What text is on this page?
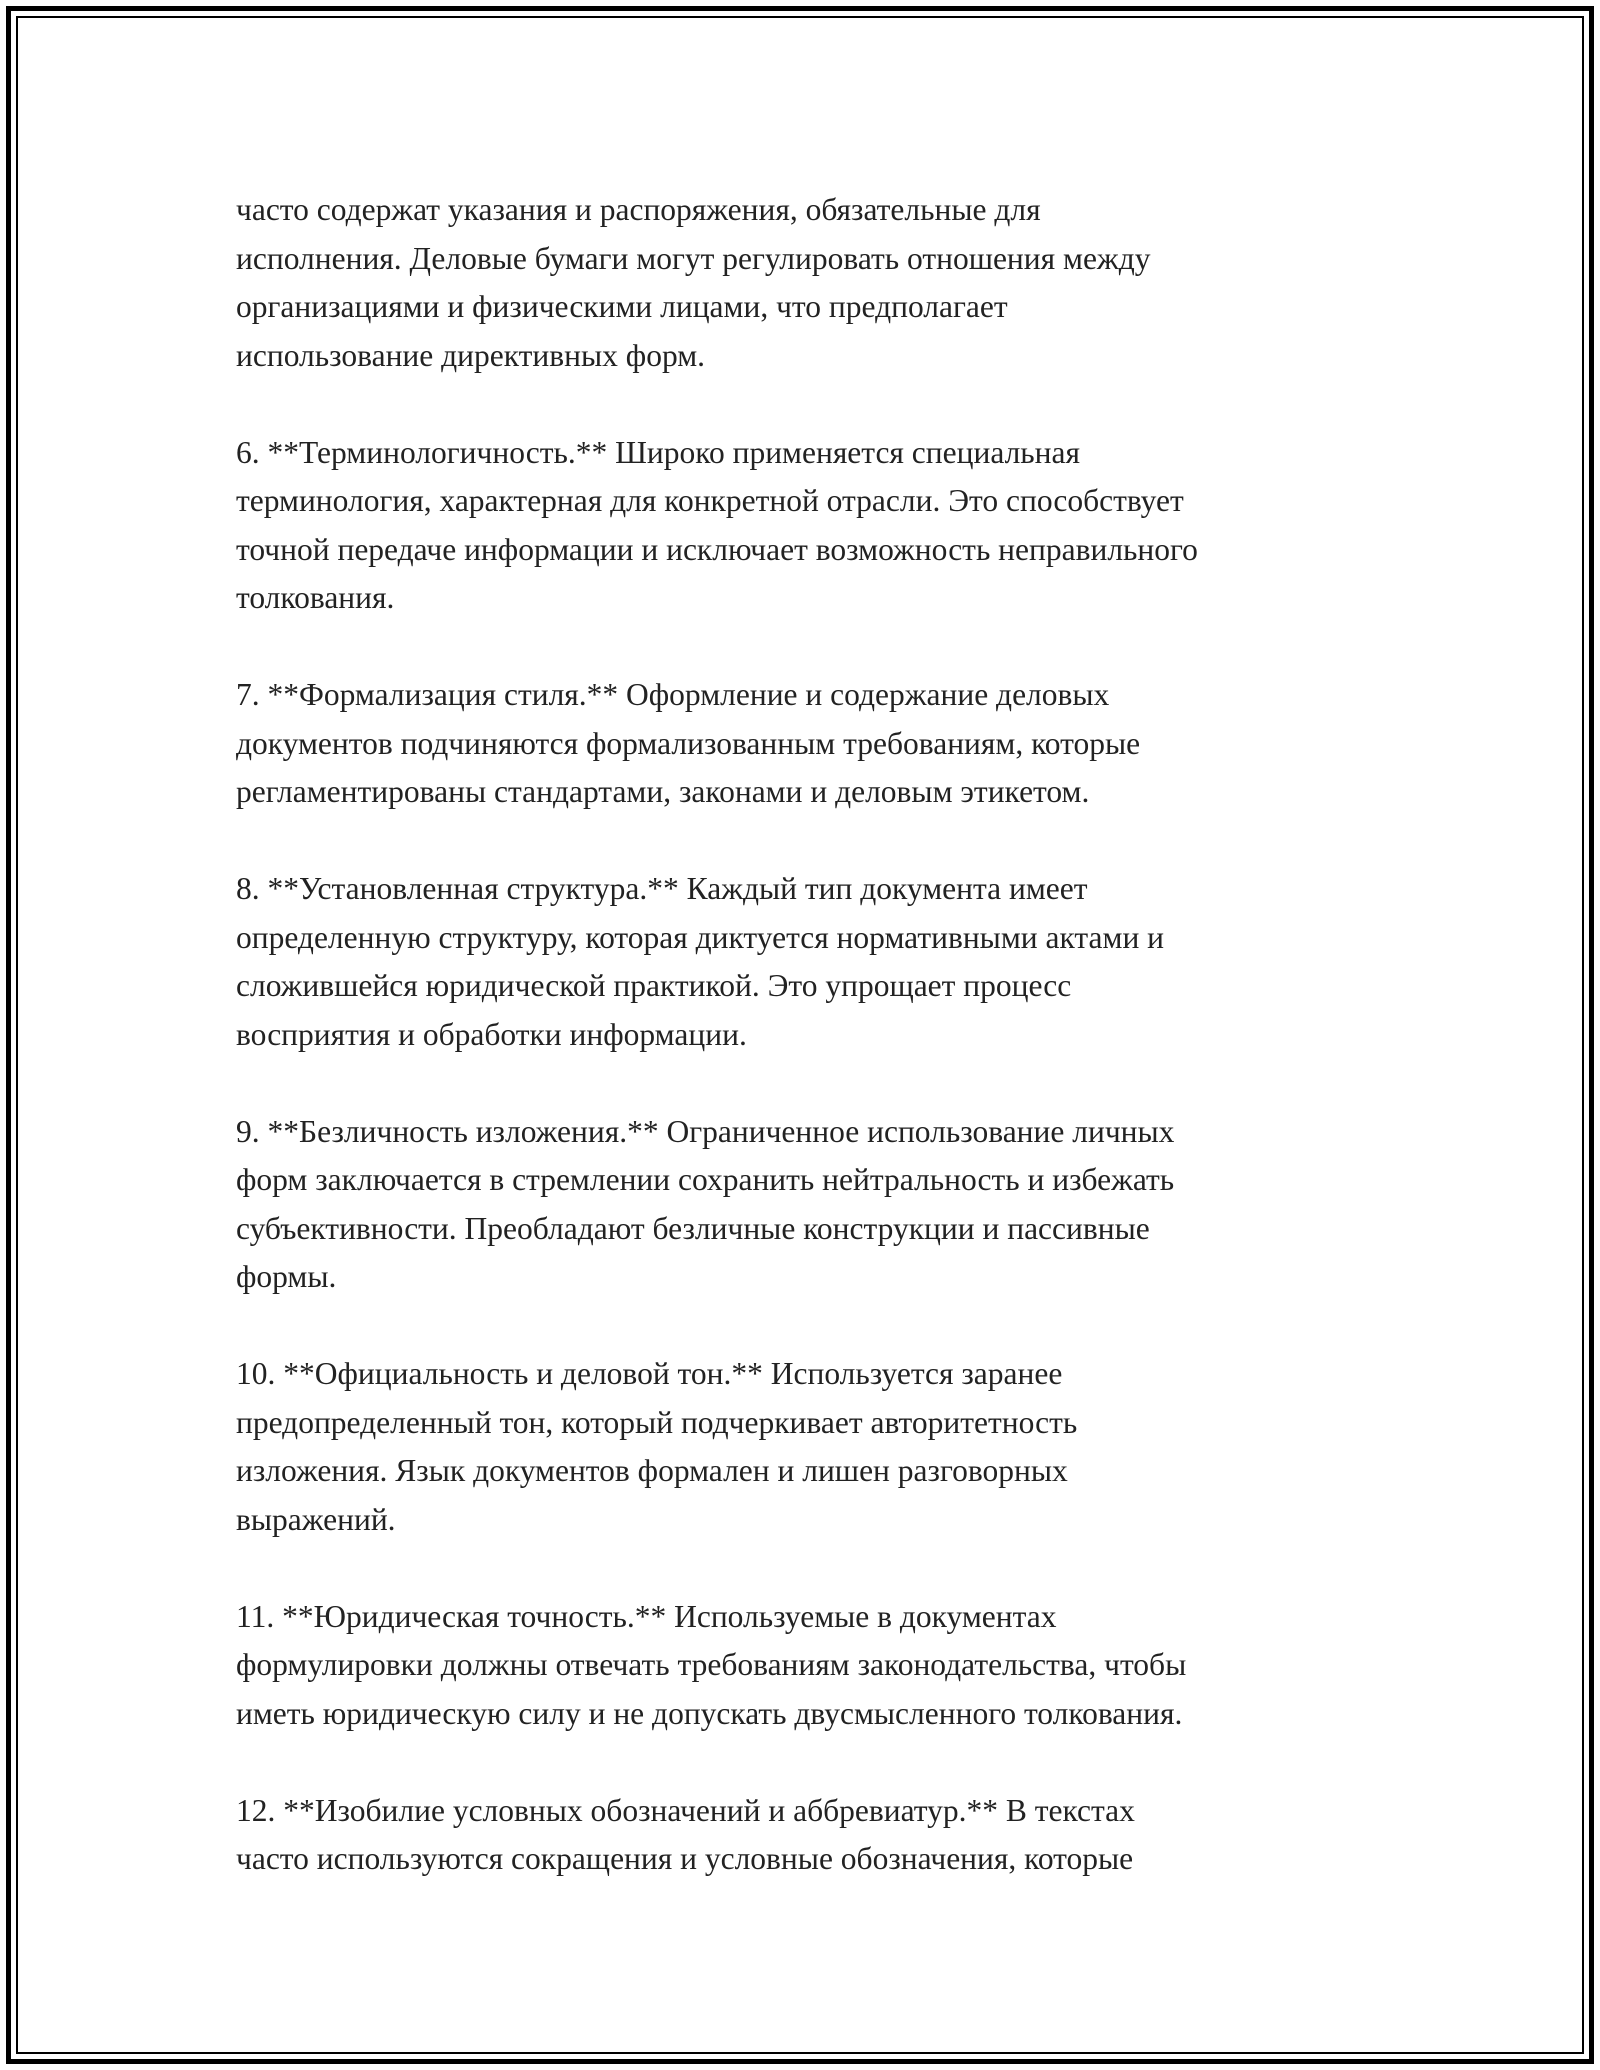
часто содержат указания и распоряжения, обязательные для
исполнения. Деловые бумаги могут регулировать отношения между
организациями и физическими лицами, что предполагает
использование директивных форм.

6. **Терминологичность.** Широко применяется специальная
терминология, характерная для конкретной отрасли. Это способствует
точной передаче информации и исключает возможность неправильного
толкования.

7. **Формализация стиля.** Оформление и содержание деловых
документов подчиняются формализованным требованиям, которые
регламентированы стандартами, законами и деловым этикетом.

8. **Установленная структура.** Каждый тип документа имеет
определенную структуру, которая диктуется нормативными актами и
сложившейся юридической практикой. Это упрощает процесс
восприятия и обработки информации.

9. **Безличность изложения.** Ограниченное использование личных
форм заключается в стремлении сохранить нейтральность и избежать
субъективности. Преобладают безличные конструкции и пассивные
формы.

10. **Официальность и деловой тон.** Используется заранее
предопределенный тон, который подчеркивает авторитетность
изложения. Язык документов формален и лишен разговорных
выражений.

11. **Юридическая точность.** Используемые в документах
формулировки должны отвечать требованиям законодательства, чтобы
иметь юридическую силу и не допускать двусмысленного толкования.

12. **Изобилие условных обозначений и аббревиатур.** В текстах
часто используются сокращения и условные обозначения, которые
